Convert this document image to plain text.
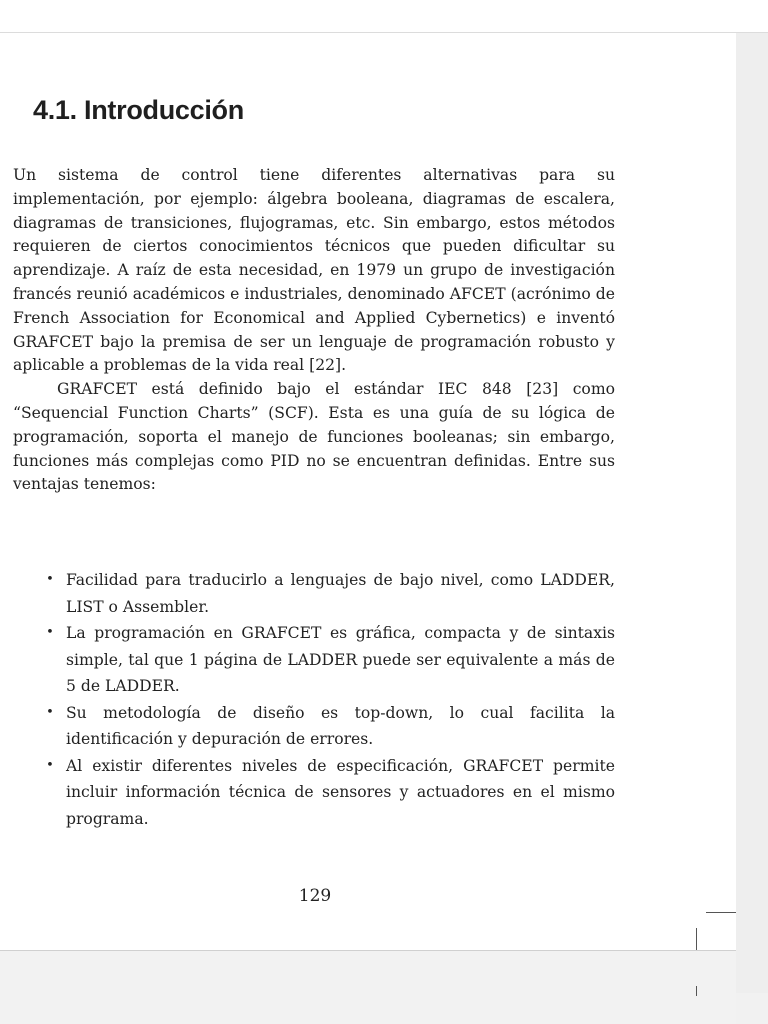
4.1. Introducción

Un sistema de control tiene diferentes alternativas para su implementación, por ejemplo: álgebra booleana, diagramas de escalera, diagramas de transiciones, flujogramas, etc. Sin embargo, estos métodos requieren de ciertos conocimientos técnicos que pueden dificultar su aprendizaje. A raíz de esta necesidad, en 1979 un grupo de investigación francés reunió académicos e industriales, denominado AFCET (acrónimo de French Association for Economical and Applied Cybernetics) e inventó GRAFCET bajo la premisa de ser un lenguaje de programación robusto y aplicable a problemas de la vida real [22].

GRAFCET está definido bajo el estándar IEC 848 [23] como “Sequencial Function Charts” (SCF). Esta es una guía de su lógica de programación, soporta el manejo de funciones booleanas; sin embargo, funciones más complejas como PID no se encuentran definidas. Entre sus ventajas tenemos:

• Facilidad para traducirlo a lenguajes de bajo nivel, como LADDER, LIST o Assembler.
• La programación en GRAFCET es gráfica, compacta y de sintaxis simple, tal que 1 página de LADDER puede ser equivalente a más de 5 de LADDER.
• Su metodología de diseño es top-down, lo cual facilita la identificación y depuración de errores.
• Al existir diferentes niveles de especificación, GRAFCET permite incluir información técnica de sensores y actuadores en el mismo programa.
129
